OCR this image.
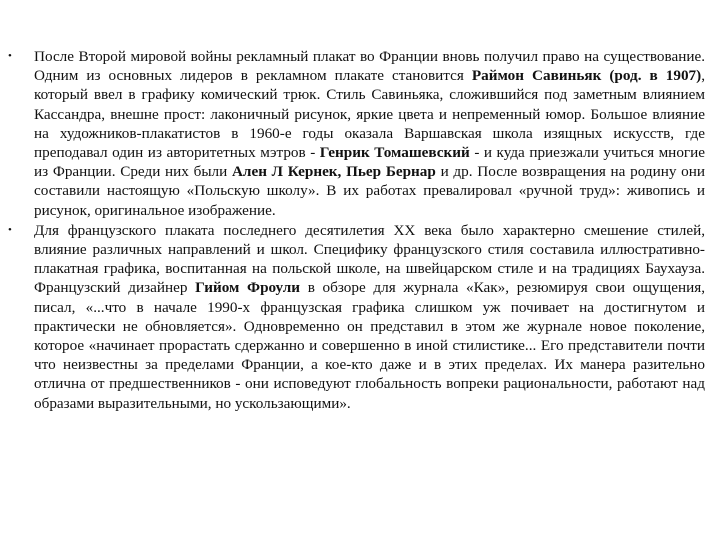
•	После Второй мировой войны рекламный плакат во Франции вновь получил право на существование. Одним из основных лидеров в рекламном плакате становится Раймон Савиньяк (род. в 1907), который ввел в графику комический трюк. Стиль Савиньяка, сложившийся под заметным влиянием Кассандра, внешне прост: лаконичный рисунок, яркие цвета и непременный юмор. Большое влияние на художников-плакатистов в 1960-е годы оказала Варшавская школа изящных искусств, где преподавал один из авторитетных мэтров - Генрик Томашевский - и куда приезжали учиться многие из Франции. Среди них были Ален Л Кернек, Пьер Бернар и др. После возвращения на родину они составили настоящую «Польскую школу». В их работах превалировал «ручной труд»: живопись и рисунок, оригинальное изображение.
•	Для французского плаката последнего десятилетия XX века было характерно смешение стилей, влияние различных направлений и школ. Специфику французского стиля составила иллюстративно-плакатная графика, воспитанная на польской школе, на швейцарском стиле и на традициях Баухауза. Французский дизайнер Гийом Фроули в обзоре для журнала «Как», резюмируя свои ощущения, писал, «...что в начале 1990-х французская графика слишком уж почивает на достигнутом и практически не обновляется». Одновременно он представил в этом же журнале новое поколение, которое «начинает прорастать сдержанно и совершенно в иной стилистике... Его представители почти что неизвестны за пределами Франции, а кое-кто даже и в этих пределах. Их манера разительно отлична от предшественников - они исповедуют глобальность вопреки рациональности, работают над образами выразительными, но ускользающими».
